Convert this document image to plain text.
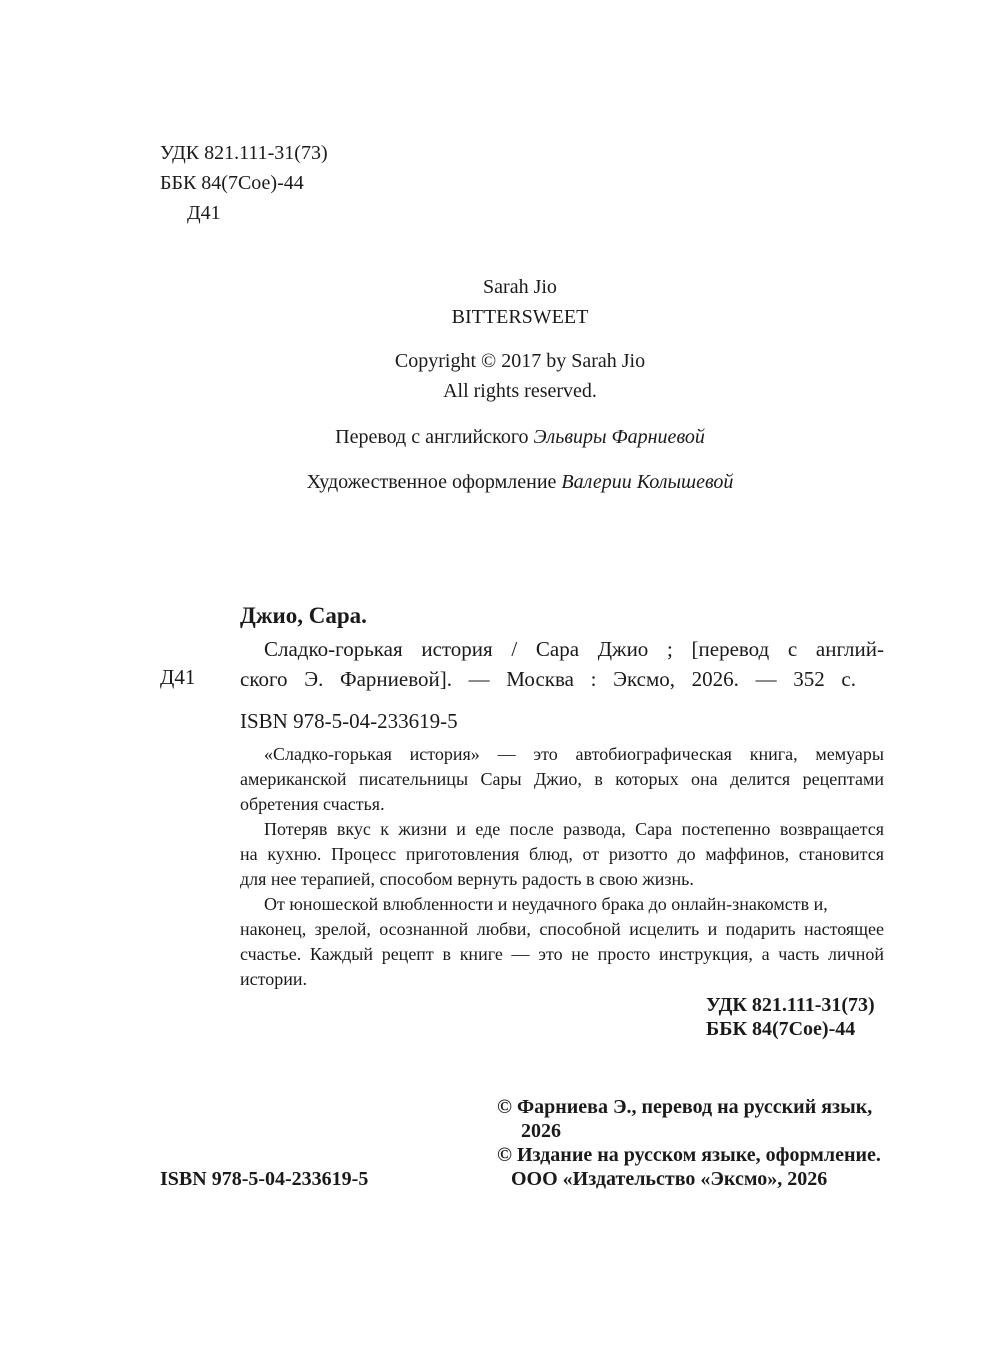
УДК 821.111-31(73)
ББК 84(7Сое)-44
Д41
Sarah Jio
BITTERSWEET
Copyright © 2017 by Sarah Jio
All rights reserved.
Перевод с английского Эльвиры Фарниевой
Художественное оформление Валерии Колышевой
Джио, Сара.
Сладко-горькая история / Сара Джио ; [перевод с англий-
Д41 ского Э. Фарниевой]. — Москва : Эксмо, 2026. — 352 с.
ISBN 978-5-04-233619-5
«Сладко-горькая история» — это автобиографическая книга, мемуары
американской писательницы Сары Джио, в которых она делится рецептами
обретения счастья.
Потеряв вкус к жизни и еде после развода, Сара постепенно возвращается
на кухню. Процесс приготовления блюд, от ризотто до маффинов, становится
для нее терапией, способом вернуть радость в свою жизнь.
От юношеской влюбленности и неудачного брака до онлайн-знакомств и,
наконец, зрелой, осознанной любви, способной исцелить и подарить настоящее
счастье. Каждый рецепт в книге — это не просто инструкция, а часть личной
истории.
УДК 821.111-31(73)
ББК 84(7Сое)-44
© Фарниева Э., перевод на русский язык,
2026
© Издание на русском языке, оформление.
ISBN 978-5-04-233619-5	ООО «Издательство «Эксмо», 2026
